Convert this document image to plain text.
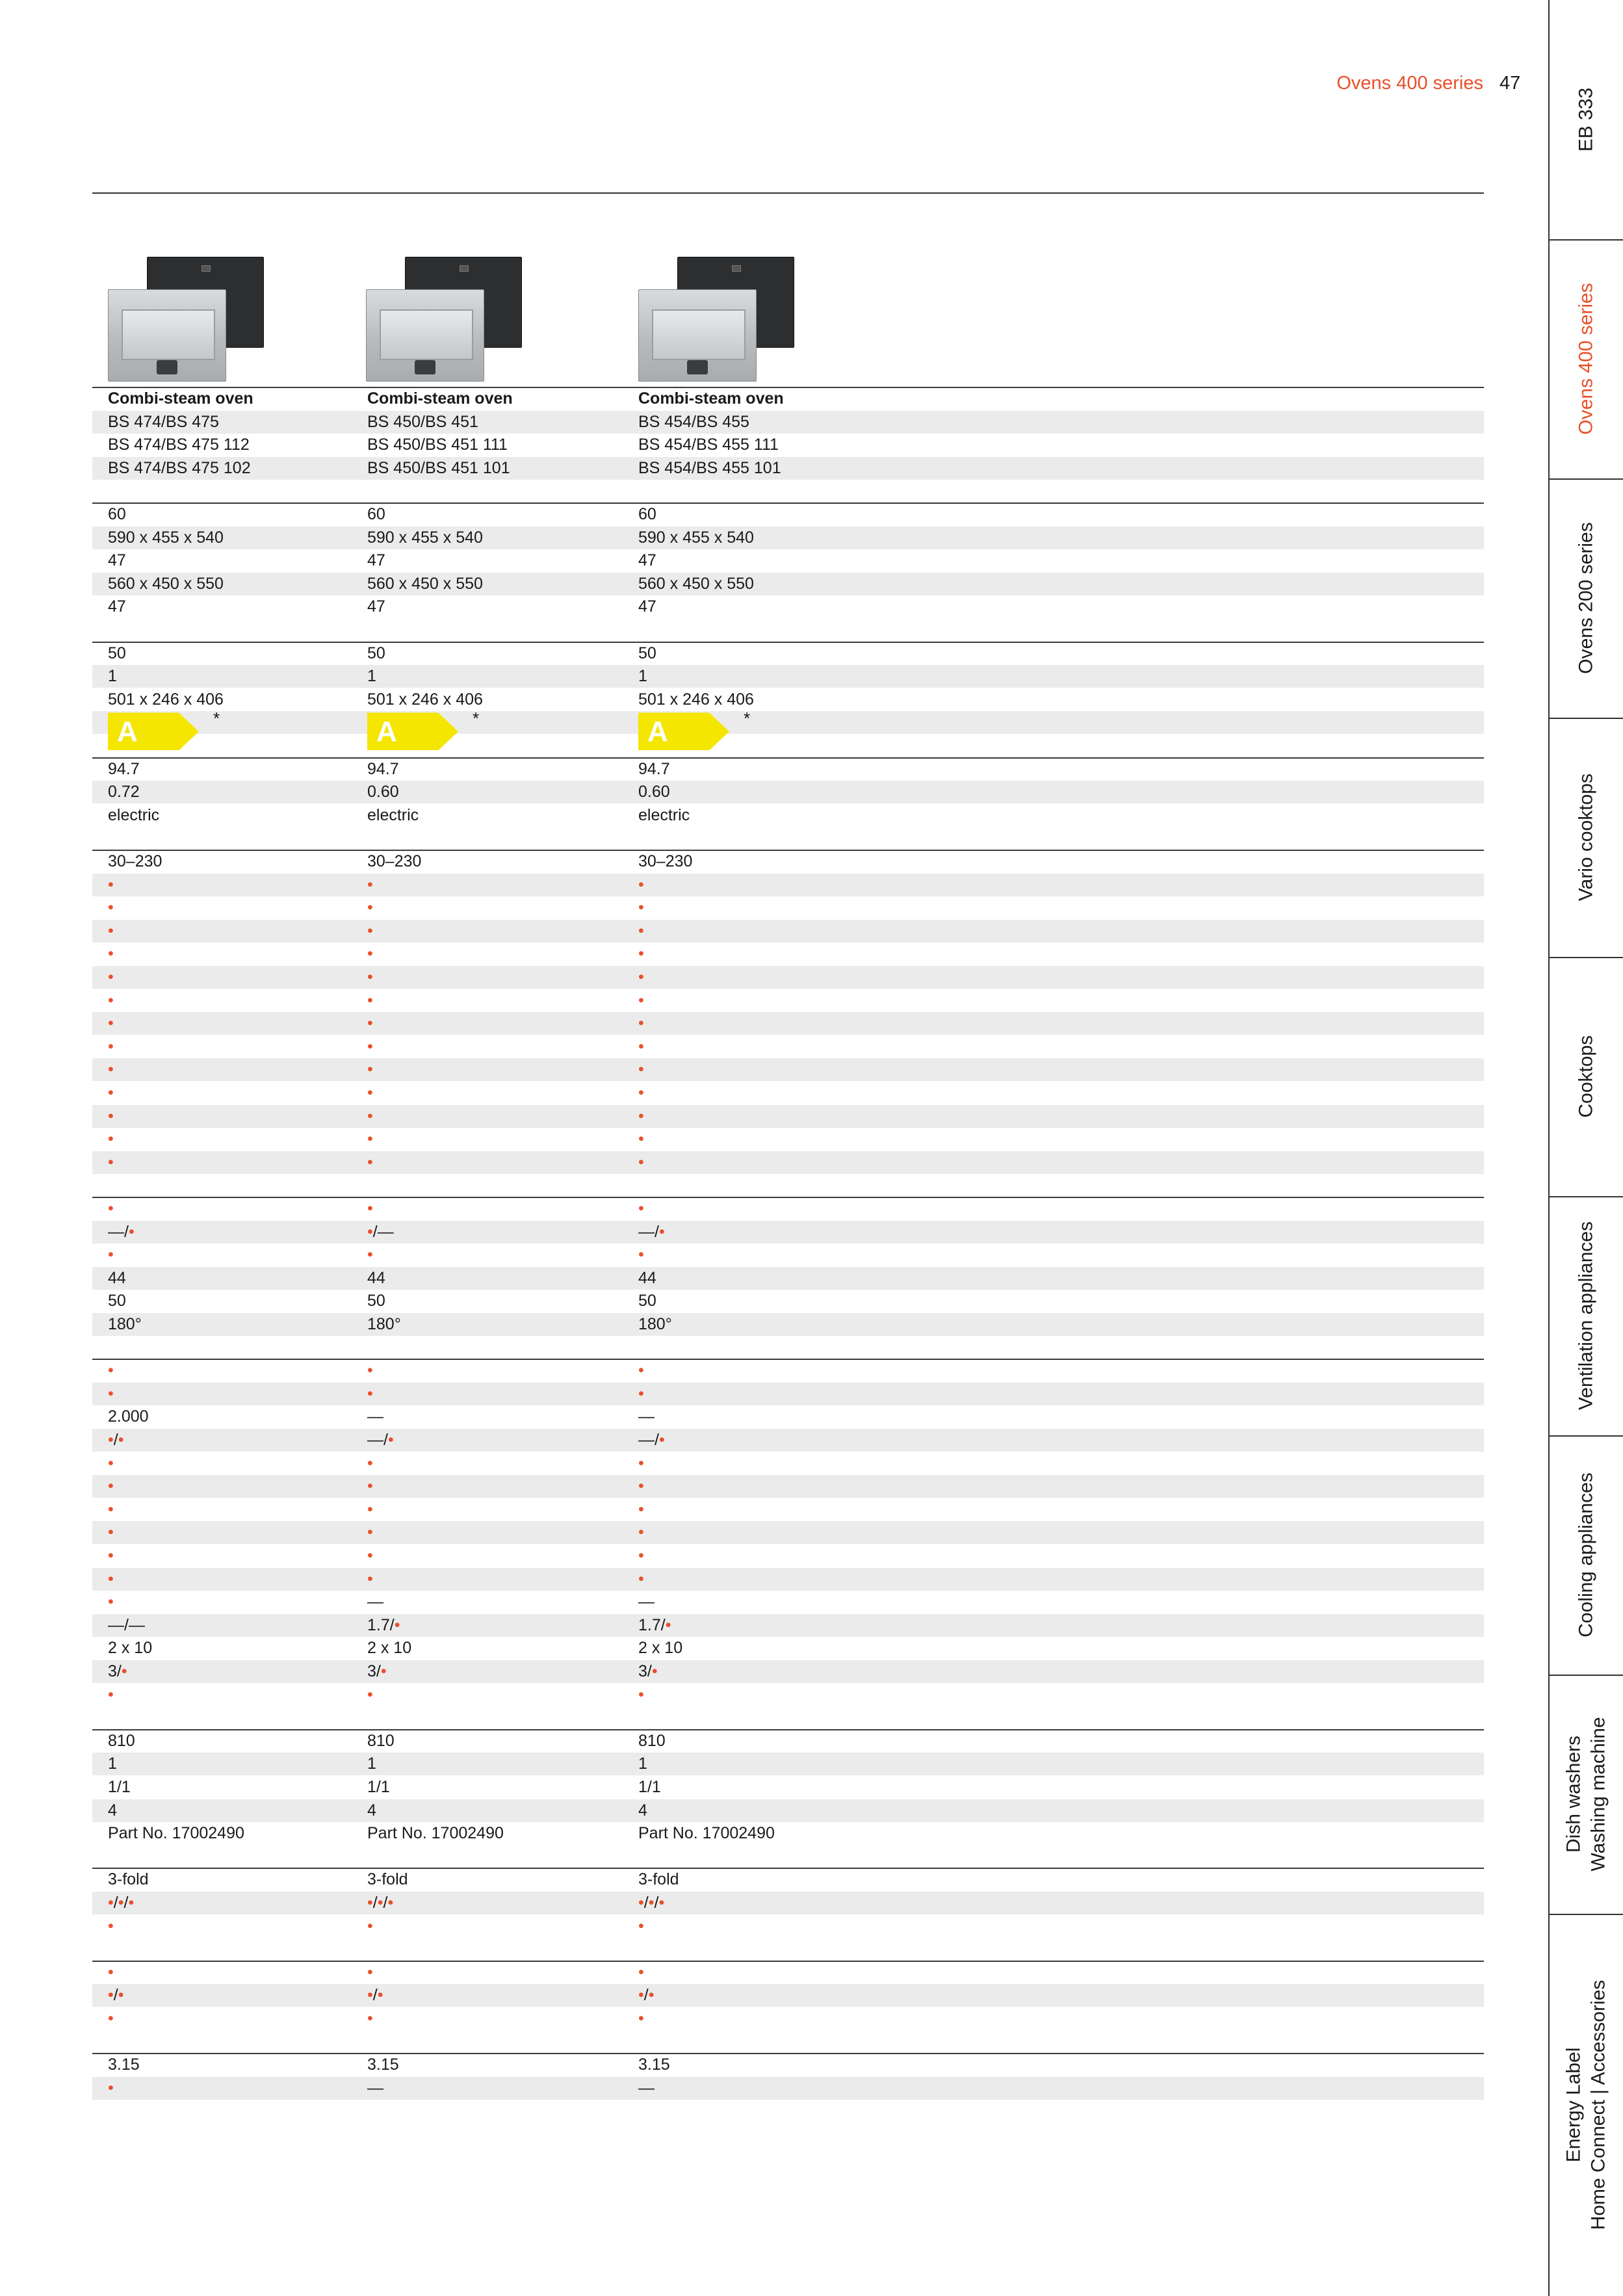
Ovens 400 series 47
Combi-steam oven	Combi-steam oven	Combi-steam oven
BS 474/BS 475	BS 450/BS 451	BS 454/BS 455
BS 474/BS 475 112	BS 450/BS 451 111	BS 454/BS 455 111
BS 474/BS 475 102	BS 450/BS 451 101	BS 454/BS 455 101
60	60	60
590 x 455 x 540	590 x 455 x 540	590 x 455 x 540
47	47	47
560 x 450 x 550	560 x 450 x 550	560 x 450 x 550
47	47	47
50	50	50
1	1	1
501 x 246 x 406	501 x 246 x 406	501 x 246 x 406
A	*	A	*	A	*
94.7	94.7	94.7
0.72	0.60	0.60
electric	electric	electric
30–230	30–230	30–230
•	•	•
•	•	•
•	•	•
•	•	•
•	•	•
•	•	•
•	•	•
•	•	•
•	•	•
•	•	•
•	•	•
•	•	•
•	•	•
•	•	•
—/•	•/—	—/•
•	•	•
44	44	44
50	50	50
180°	180°	180°
•	•	•
•	•	•
2.000	—	—
•/•	—/•	—/•
•	•	•
•	•	•
•	•	•
•	•	•
•	•	•
•	•	•
•	—	—
—/—	1.7/•	1.7/•
2 x 10	2 x 10	2 x 10
3/•	3/•	3/•
•	•	•
810	810	810
1	1	1
1/1	1/1	1/1
4	4	4
Part No. 17002490	Part No. 17002490	Part No. 17002490
3-fold	3-fold	3-fold
•/•/•	•/•/•	•/•/•
•	•	•
•	•	•
•/•	•/•	•/•
•	•	•
3.15	3.15	3.15
•	—	—
EB 333
Ovens 400 series
Ovens 200 series
Vario cooktops
Cooktops
Ventilation appliances
Cooling appliances
Dish washers Washing machine
Energy Label Home Connect | Accessories
